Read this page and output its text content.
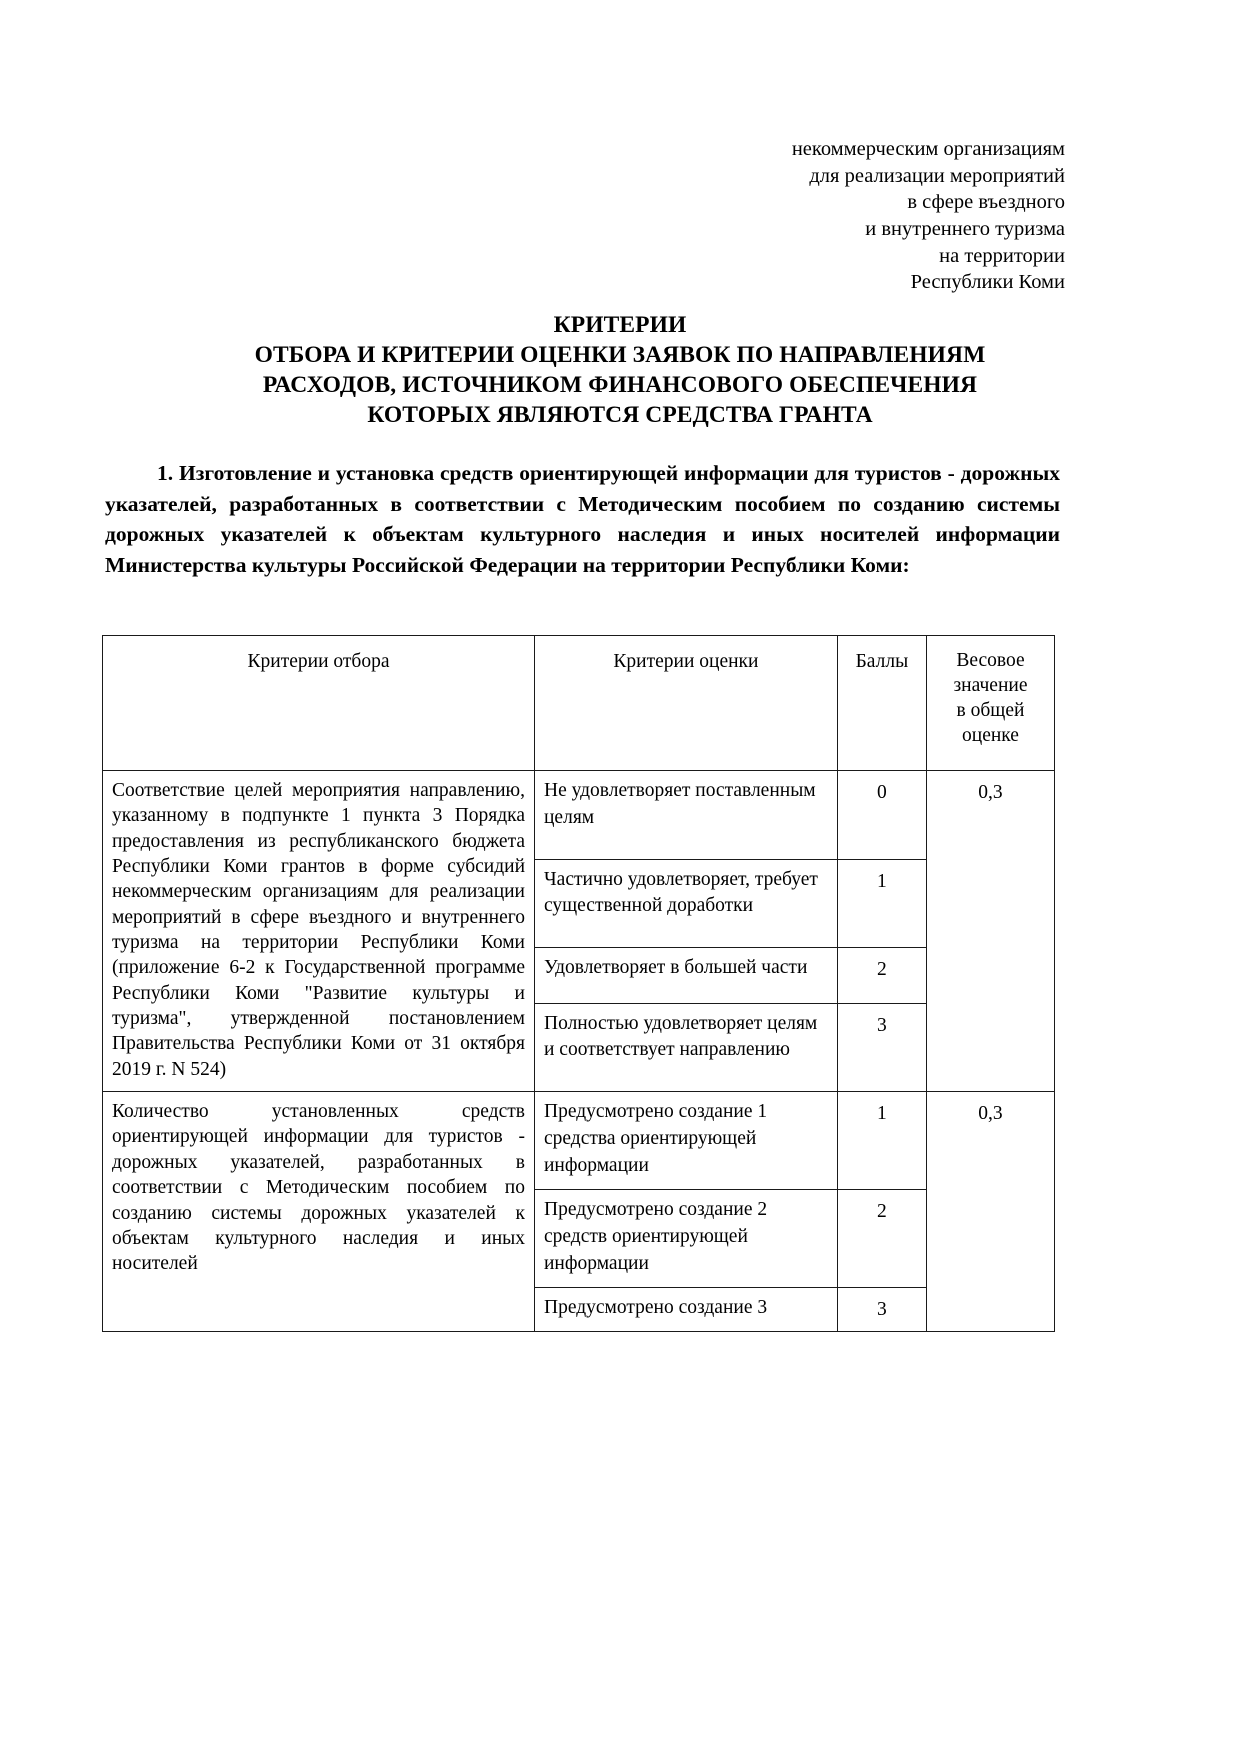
некоммерческим организациям
для реализации мероприятий
в сфере въездного
и внутреннего туризма
на территории
Республики Коми
КРИТЕРИИ
ОТБОРА И КРИТЕРИИ ОЦЕНКИ ЗАЯВОК ПО НАПРАВЛЕНИЯМ
РАСХОДОВ, ИСТОЧНИКОМ ФИНАНСОВОГО ОБЕСПЕЧЕНИЯ
КОТОРЫХ ЯВЛЯЮТСЯ СРЕДСТВА ГРАНТА
1. Изготовление и установка средств ориентирующей информации для туристов - дорожных указателей, разработанных в соответствии с Методическим пособием по созданию системы дорожных указателей к объектам культурного наследия и иных носителей информации Министерства культуры Российской Федерации на территории Республики Коми:
Критерии отбора	Критерии оценки	Баллы	Весовое
значение
в общей
оценке

Соответствие целей мероприятия направлению, указанному в подпункте 1 пункта 3 Порядка предоставления из республиканского бюджета Республики Коми грантов в форме субсидий некоммерческим организациям для реализации мероприятий в сфере въездного и внутреннего туризма на территории Республики Коми (приложение 6-2 к Государственной программе Республики Коми "Развитие культуры и туризма", утвержденной постановлением Правительства Республики Коми от 31 октября 2019 г. N 524)	Не удовлетворяет поставленным целям	0	0,3
	Частично удовлетворяет, требует существенной доработки	1	
	Удовлетворяет в большей части	2	
	Полностью удовлетворяет целям и соответствует направлению	3	
Количество установленных средств ориентирующей информации для туристов - дорожных указателей, разработанных в соответствии с Методическим пособием по созданию системы дорожных указателей к объектам культурного наследия и иных носителей	Предусмотрено создание 1 средства ориентирующей информации	1	0,3
	Предусмотрено создание 2 средств ориентирующей информации	2	
	Предусмотрено создание 3	3	
